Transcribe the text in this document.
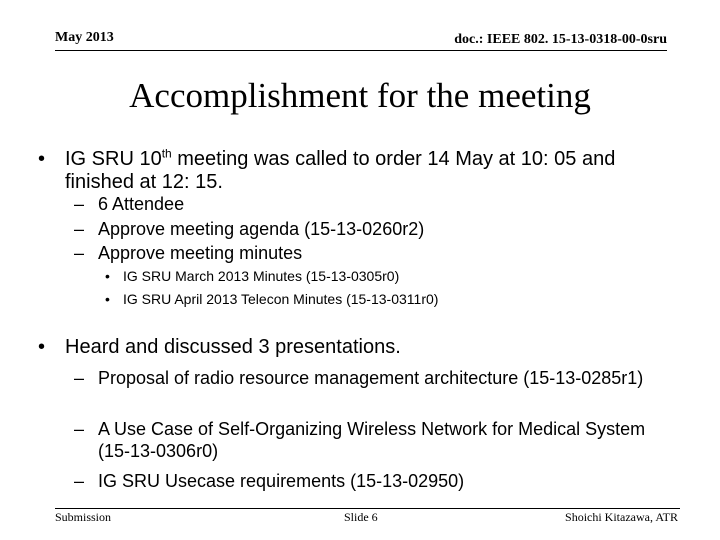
May 2013	doc.: IEEE 802. 15-13-0318-00-0sru
Accomplishment for the meeting
• IG SRU 10th meeting was called to order 14 May at 10: 05 and finished at 12: 15.
– 6 Attendee
– Approve meeting agenda (15-13-0260r2)
– Approve meeting minutes
• IG SRU March 2013 Minutes (15-13-0305r0)
• IG SRU April 2013 Telecon Minutes (15-13-0311r0)
• Heard and discussed 3 presentations.
– Proposal of radio resource management architecture (15-13-0285r1)
– A Use Case of Self-Organizing Wireless Network for Medical System (15-13-0306r0)
– IG SRU Usecase requirements (15-13-02950)
Submission	Slide 6	Shoichi Kitazawa, ATR
